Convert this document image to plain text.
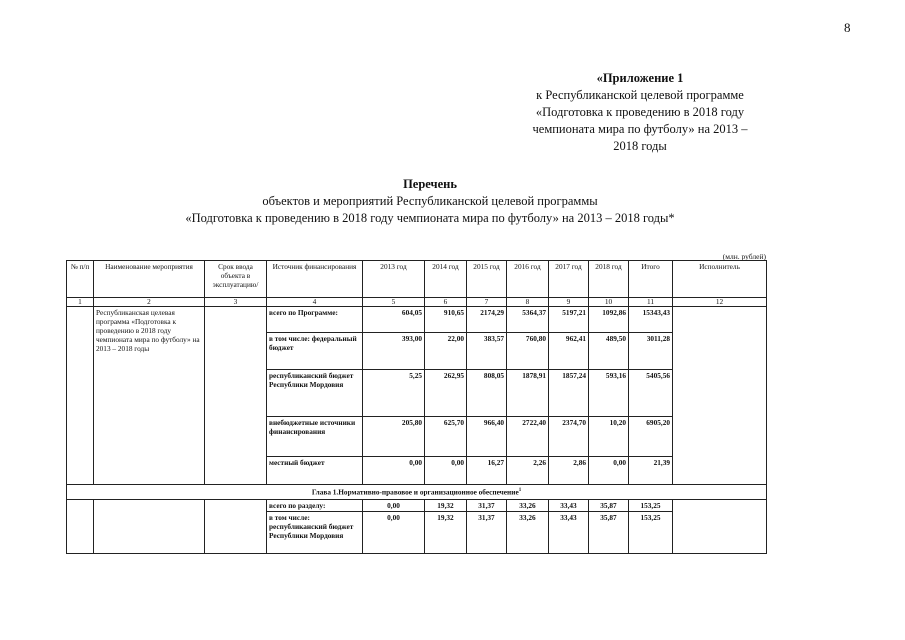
8
«Приложение 1
к Республиканской целевой программе
«Подготовка к проведению в 2018 году
чемпионата мира по футболу» на 2013 –
2018 годы
Перечень
объектов и мероприятий Республиканской целевой программы
«Подготовка к проведению в 2018 году чемпионата мира по футболу» на 2013 – 2018 годы*
(млн. рублей)
№ п/п	Наименование мероприятия	Срок ввода объекта в эксплуатацию/	Источник финансирования	2013 год	2014 год	2015 год	2016 год	2017 год	2018 год	Итого	Исполнитель
1	2	3	4	5	6	7	8	9	10	11	12
	Республиканская целевая программа «Подготовка к проведению в 2018 году чемпионата мира по футболу» на 2013 – 2018 годы		всего по Программе:	604,05	910,65	2174,29	5364,37	5197,21	1092,86	15343,43	
			в том числе: федеральный бюджет	393,00	22,00	383,57	760,80	962,41	489,50	3011,28	
			республиканский бюджет Республики Мордовия	5,25	262,95	808,05	1878,91	1857,24	593,16	5405,56	
			внебюджетные источники финансирования	205,80	625,70	966,40	2722,40	2374,70	10,20	6905,20	
			местный бюджет	0,00	0,00	16,27	2,26	2,86	0,00	21,39	
Глава 1.Нормативно-правовое и организационное обеспечение$^1$
			всего по разделу:	0,00	19,32	31,37	33,26	33,43	35,87	153,25	
			в том числе: республиканский бюджет Республики Мордовия	0,00	19,32	31,37	33,26	33,43	35,87	153,25	
